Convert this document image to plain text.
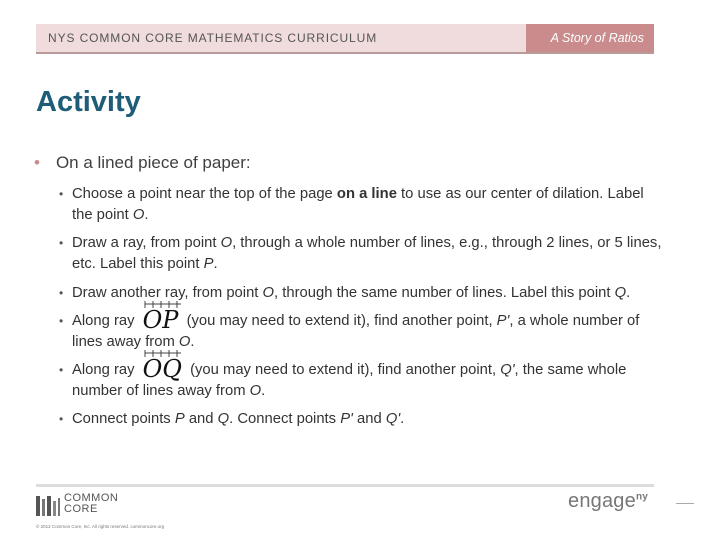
NYS COMMON CORE MATHEMATICS CURRICULUM	A Story of Ratios
Activity
• On a lined piece of paper:
• Choose a point near the top of the page on a line to use as our center of dilation. Label the point O.
• Draw a ray, from point O, through a whole number of lines, e.g., through 2 lines, or 5 lines, etc. Label this point P.
• Draw another ray, from point O, through the same number of lines. Label this point Q.
• Along ray
OP (you may need to extend it), find another point, P', a whole number of lines away from O.
• Along ray
OQ (you may need to extend it), find another point, Q', the same whole number of lines away from O.
• Connect points P and Q. Connect points P' and Q'.
COMMON
CORE
© 2012 Common Core, Inc. All rights reserved. commoncore.org
engage$^{ny}$
